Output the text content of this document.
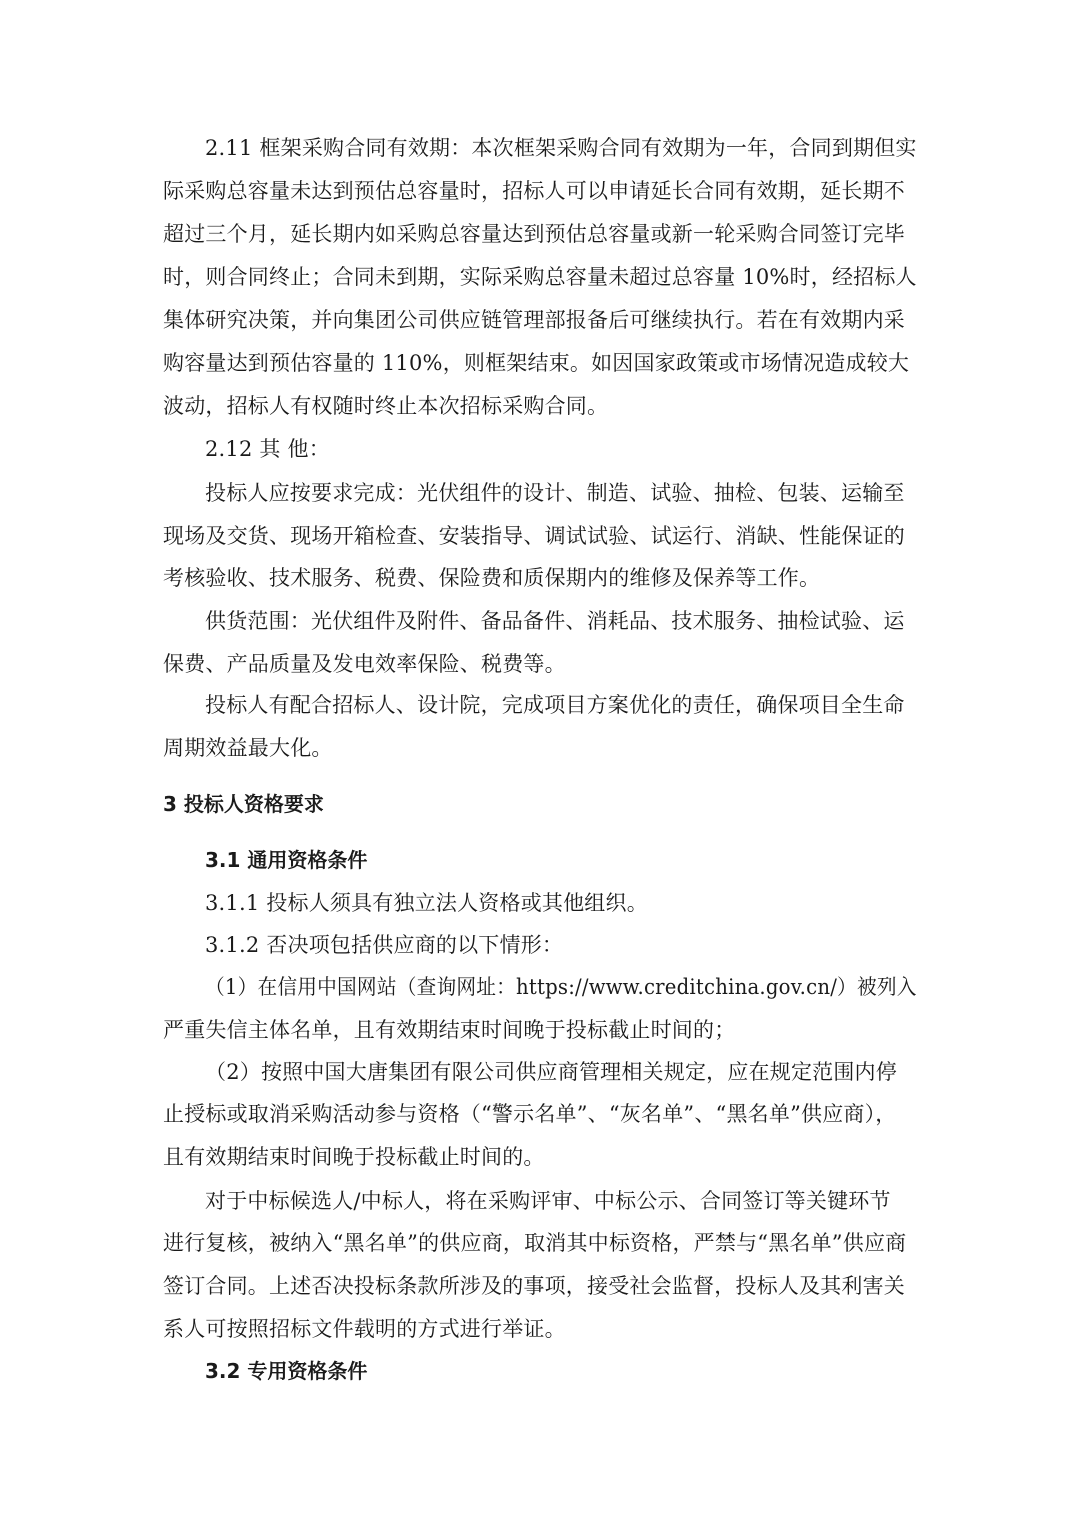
2.11 框架采购合同有效期：本次框架采购合同有效期为一年，合同到期但实
际采购总容量未达到预估总容量时，招标人可以申请延长合同有效期，延长期不
超过三个月，延长期内如采购总容量达到预估总容量或新一轮采购合同签订完毕
时，则合同终止；合同未到期，实际采购总容量未超过总容量 10%时，经招标人
集体研究决策，并向集团公司供应链管理部报备后可继续执行。若在有效期内采
购容量达到预估容量的 110%，则框架结束。如因国家政策或市场情况造成较大
波动，招标人有权随时终止本次招标采购合同。
2.12 其 他：
投标人应按要求完成：光伏组件的设计、制造、试验、抽检、包装、运输至
现场及交货、现场开箱检查、安装指导、调试试验、试运行、消缺、性能保证的
考核验收、技术服务、税费、保险费和质保期内的维修及保养等工作。
供货范围：光伏组件及附件、备品备件、消耗品、技术服务、抽检试验、运
保费、产品质量及发电效率保险、税费等。
投标人有配合招标人、设计院，完成项目方案优化的责任，确保项目全生命
周期效益最大化。
3 投标人资格要求
3.1 通用资格条件
3.1.1 投标人须具有独立法人资格或其他组织。
3.1.2 否决项包括供应商的以下情形：
（1）在信用中国网站（查询网址：https://www.creditchina.gov.cn/）被列入
严重失信主体名单，且有效期结束时间晚于投标截止时间的；
（2）按照中国大唐集团有限公司供应商管理相关规定，应在规定范围内停
止授标或取消采购活动参与资格（“警示名单”、“灰名单”、“黑名单”供应商），
且有效期结束时间晚于投标截止时间的。
对于中标候选人/中标人，将在采购评审、中标公示、合同签订等关键环节
进行复核，被纳入“黑名单”的供应商，取消其中标资格，严禁与“黑名单”供应商
签订合同。上述否决投标条款所涉及的事项，接受社会监督，投标人及其利害关
系人可按照招标文件载明的方式进行举证。
3.2 专用资格条件
